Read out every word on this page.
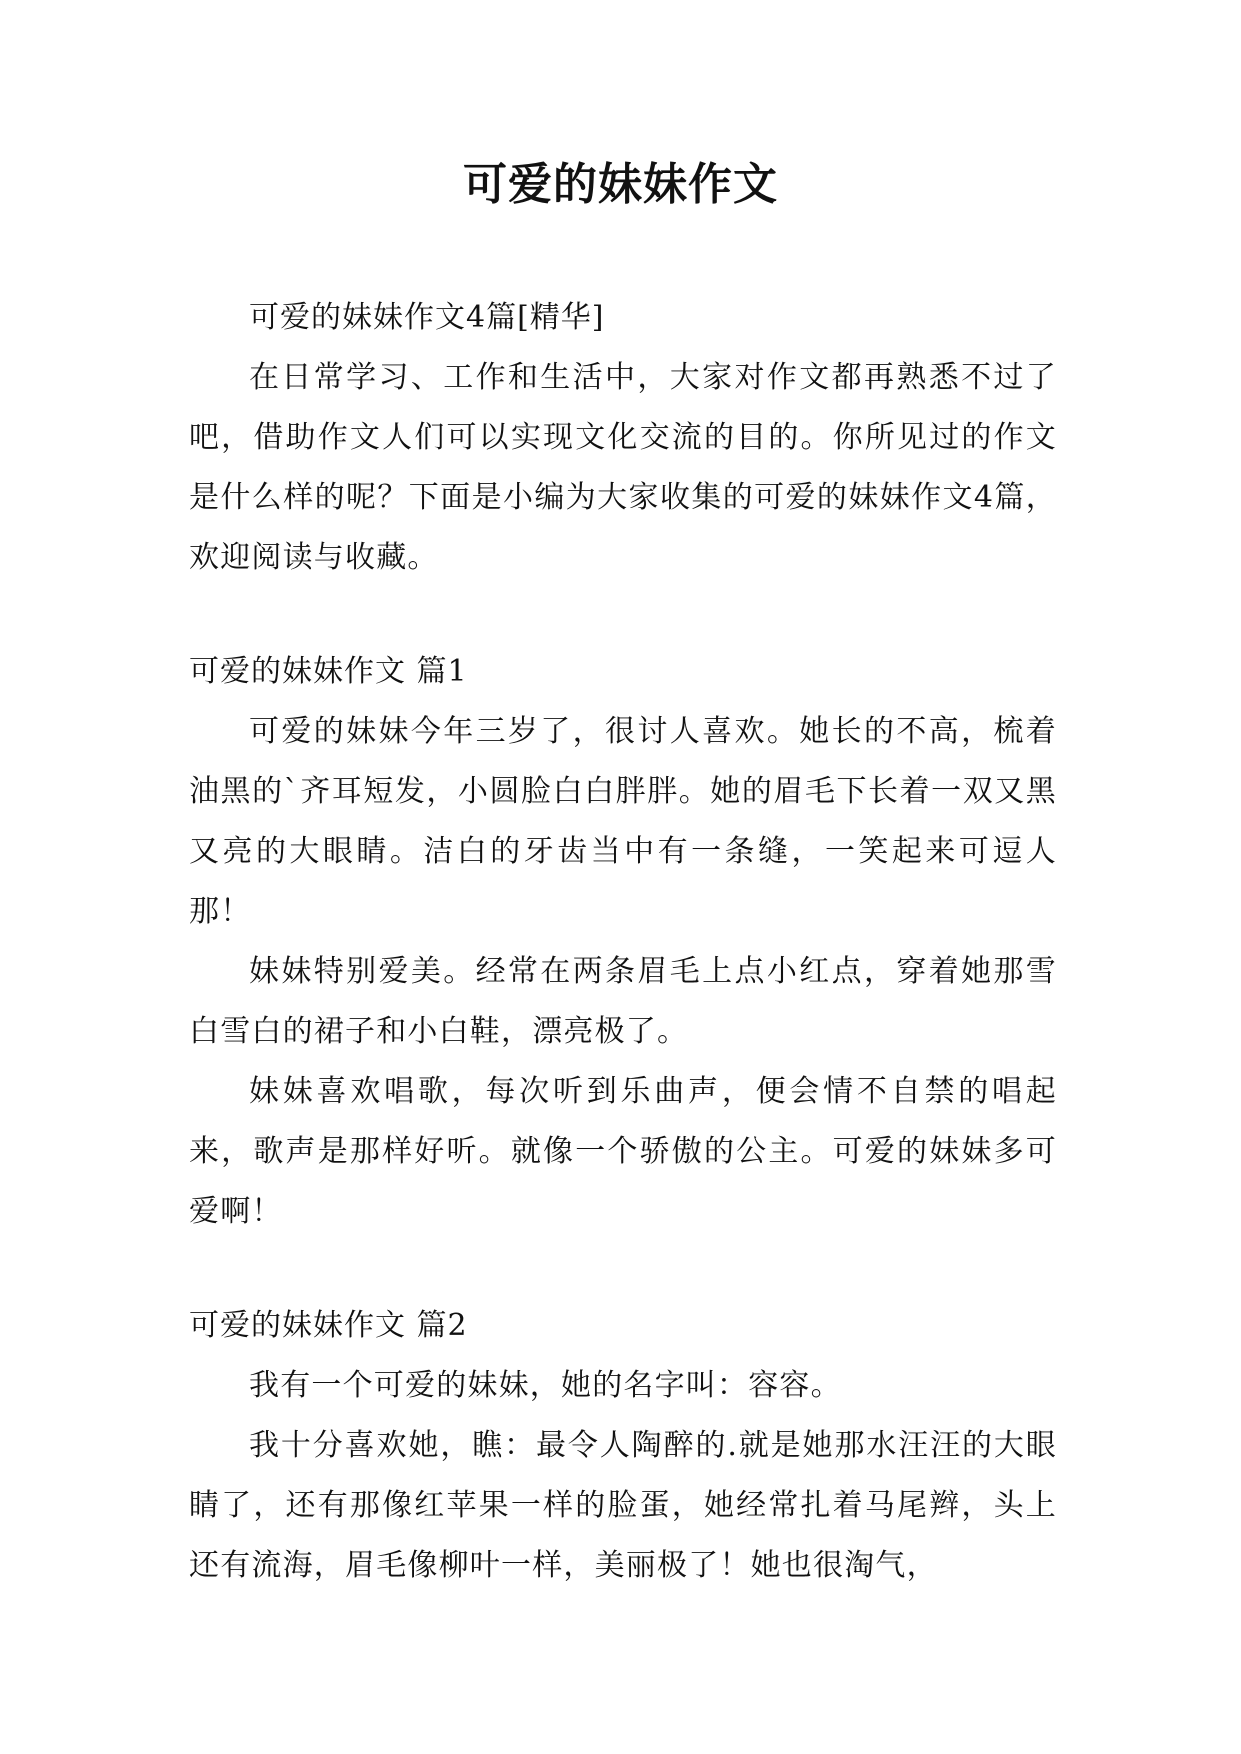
可爱的妹妹作文

可爱的妹妹作文4篇[精华]

在日常学习、工作和生活中，大家对作文都再熟悉不过了吧，借助作文人们可以实现文化交流的目的。你所见过的作文是什么样的呢？下面是小编为大家收集的可爱的妹妹作文4篇，欢迎阅读与收藏。

可爱的妹妹作文 篇1

可爱的妹妹今年三岁了，很讨人喜欢。她长的不高，梳着油黑的`齐耳短发，小圆脸白白胖胖。她的眉毛下长着一双又黑又亮的大眼睛。洁白的牙齿当中有一条缝，一笑起来可逗人那！

妹妹特别爱美。经常在两条眉毛上点小红点，穿着她那雪白雪白的裙子和小白鞋，漂亮极了。

妹妹喜欢唱歌，每次听到乐曲声，便会情不自禁的唱起来，歌声是那样好听。就像一个骄傲的公主。可爱的妹妹多可爱啊！

可爱的妹妹作文 篇2

我有一个可爱的妹妹，她的名字叫：容容。

我十分喜欢她，瞧：最令人陶醉的.就是她那水汪汪的大眼睛了，还有那像红苹果一样的脸蛋，她经常扎着马尾辫，头上还有流海，眉毛像柳叶一样，美丽极了！她也很淘气，
